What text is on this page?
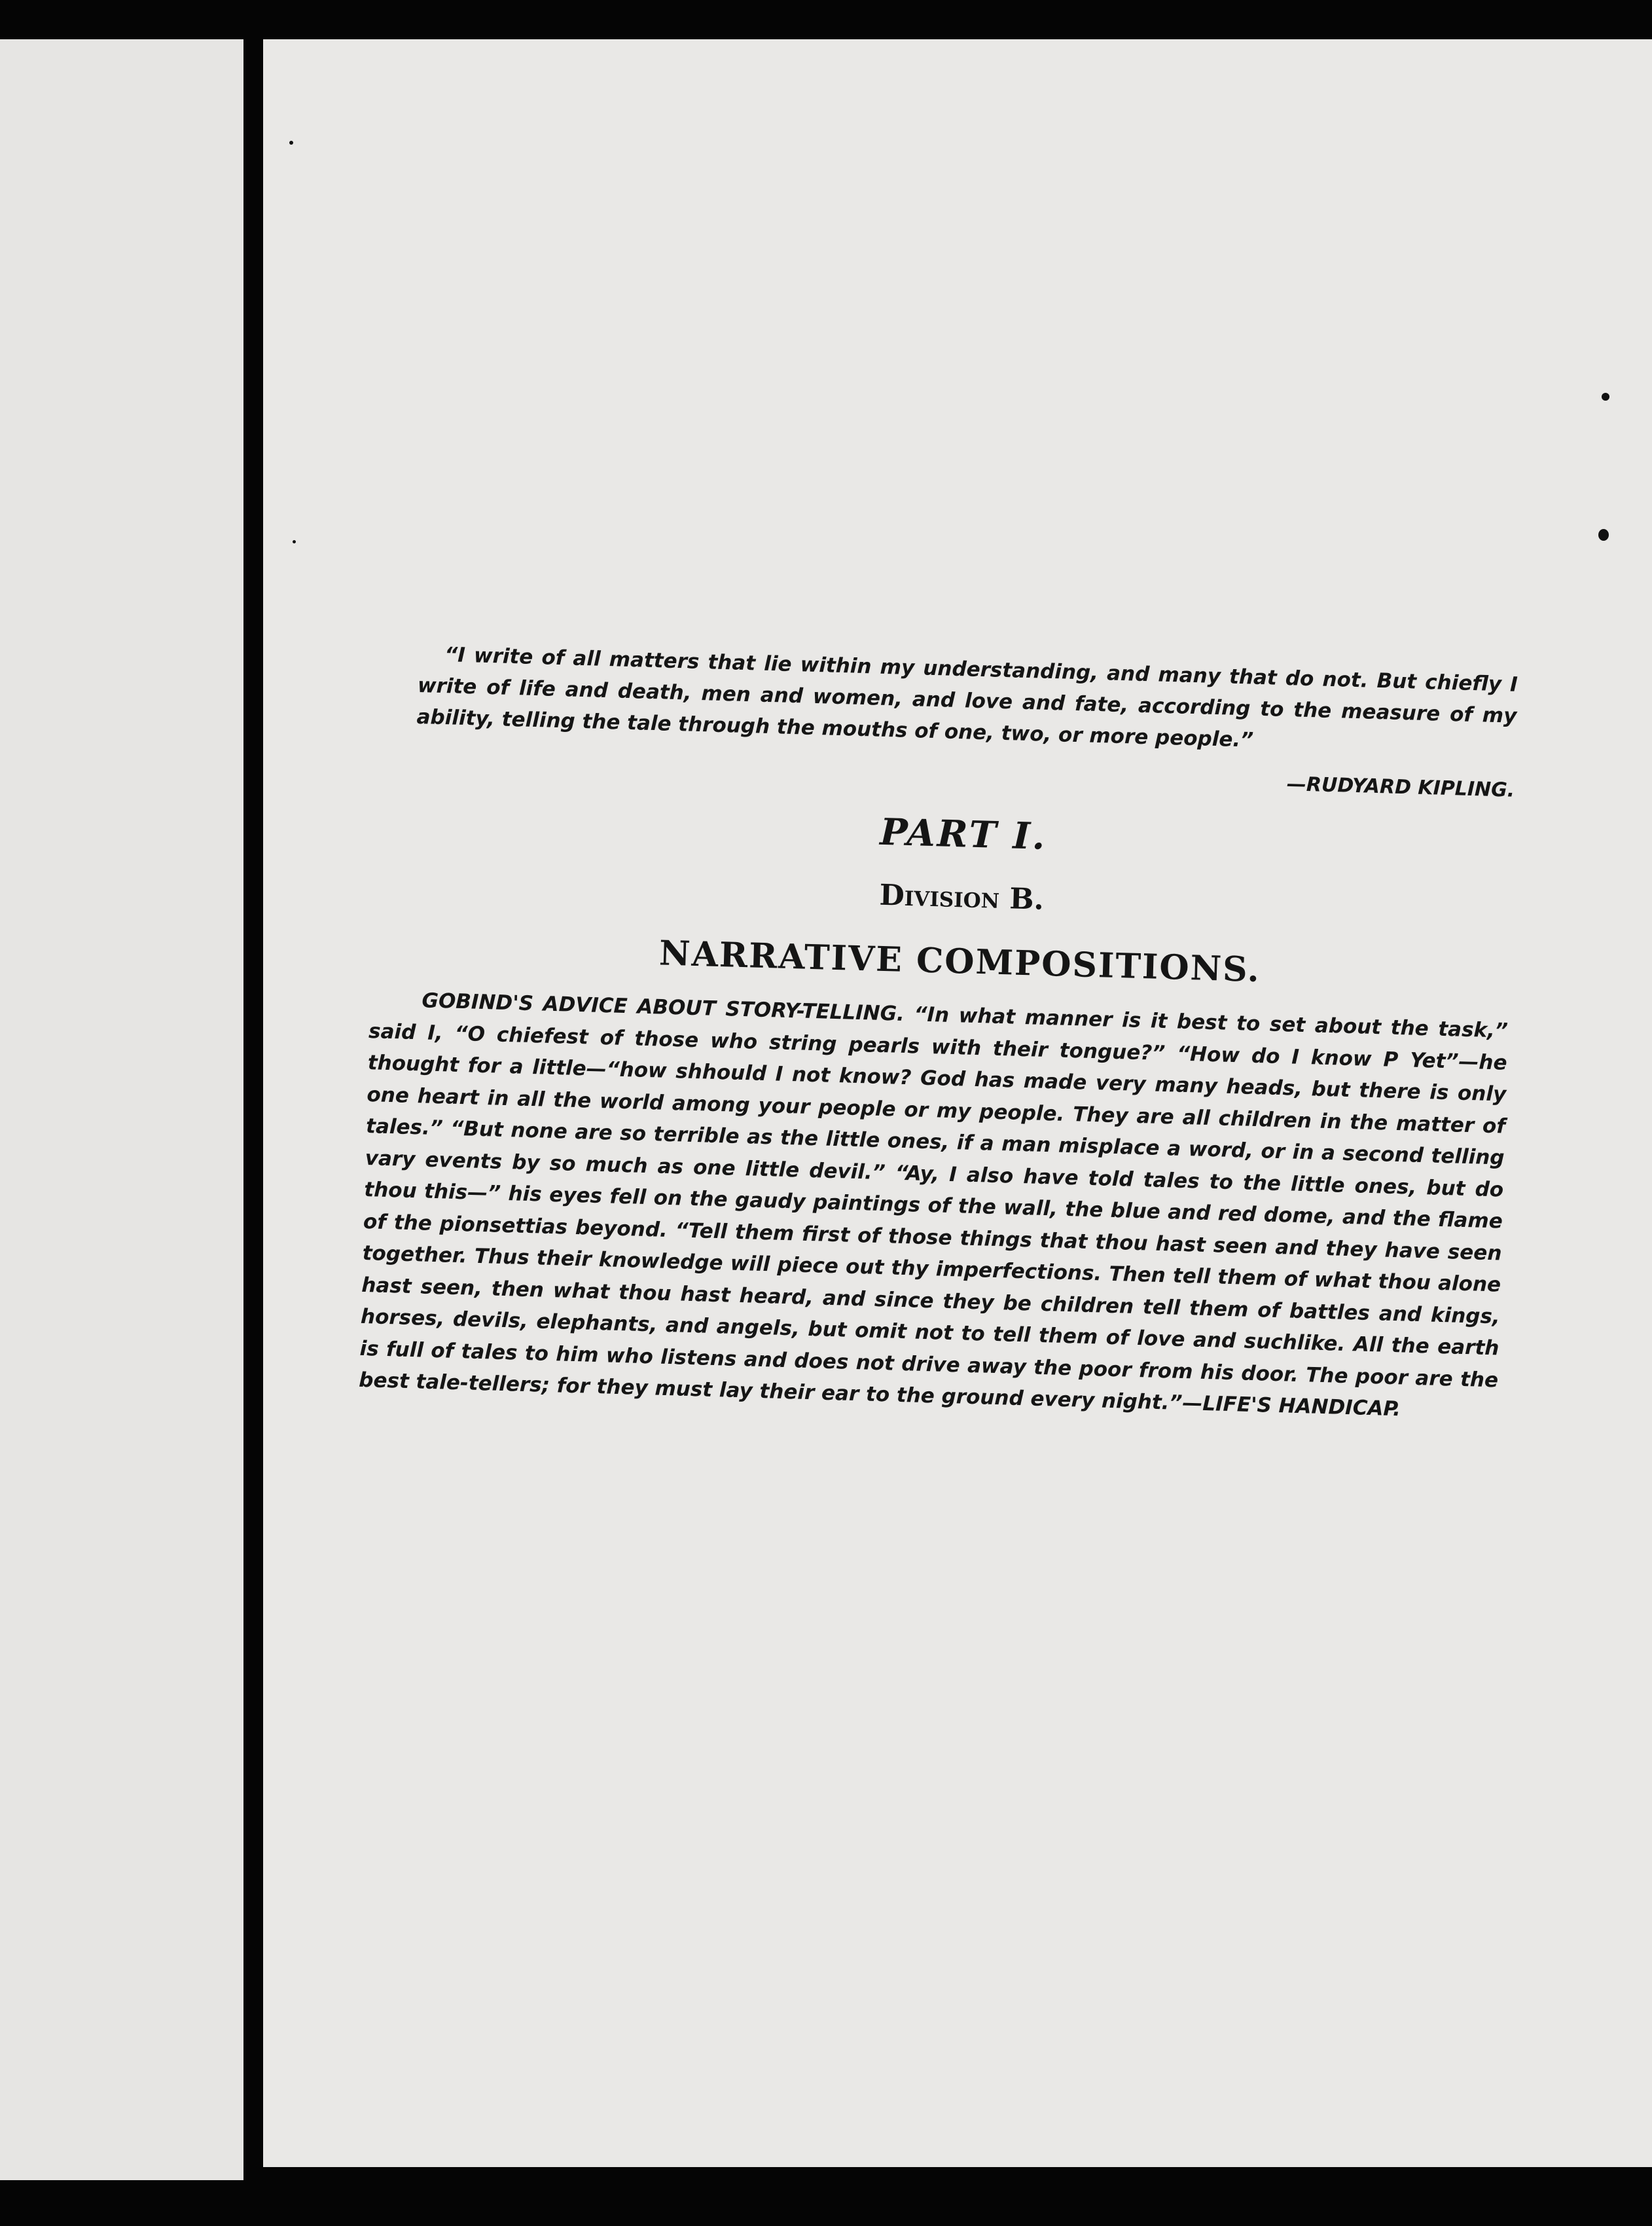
“I write of all matters that lie within my understanding, and many that do not. But chiefly I write of life and death, men and women, and love and fate, according to the measure of my ability, telling the tale through the mouths of one, two, or more people.”

—RUDYARD KIPLING.

PART I.
Division B.
NARRATIVE COMPOSITIONS.

GOBIND'S ADVICE ABOUT STORY-TELLING. “In what manner is it best to set about the task,” said I, “O chiefest of those who string pearls with their tongue?” “How do I know P Yet”—he thought for a little—“how shhould I not know? God has made very many heads, but there is only one heart in all the world among your people or my people. They are all children in the matter of tales.” “But none are so terrible as the little ones, if a man misplace a word, or in a second telling vary events by so much as one little devil.” “Ay, I also have told tales to the little ones, but do thou this—” his eyes fell on the gaudy paintings of the wall, the blue and red dome, and the flame of the pionsettias beyond. “Tell them first of those things that thou hast seen and they have seen together. Thus their knowledge will piece out thy imperfections. Then tell them of what thou alone hast seen, then what thou hast heard, and since they be children tell them of battles and kings, horses, devils, elephants, and angels, but omit not to tell them of love and suchlike. All the earth is full of tales to him who listens and does not drive away the poor from his door. The poor are the best tale-tellers; for they must lay their ear to the ground every night.”—LIFE'S HANDICAP.
